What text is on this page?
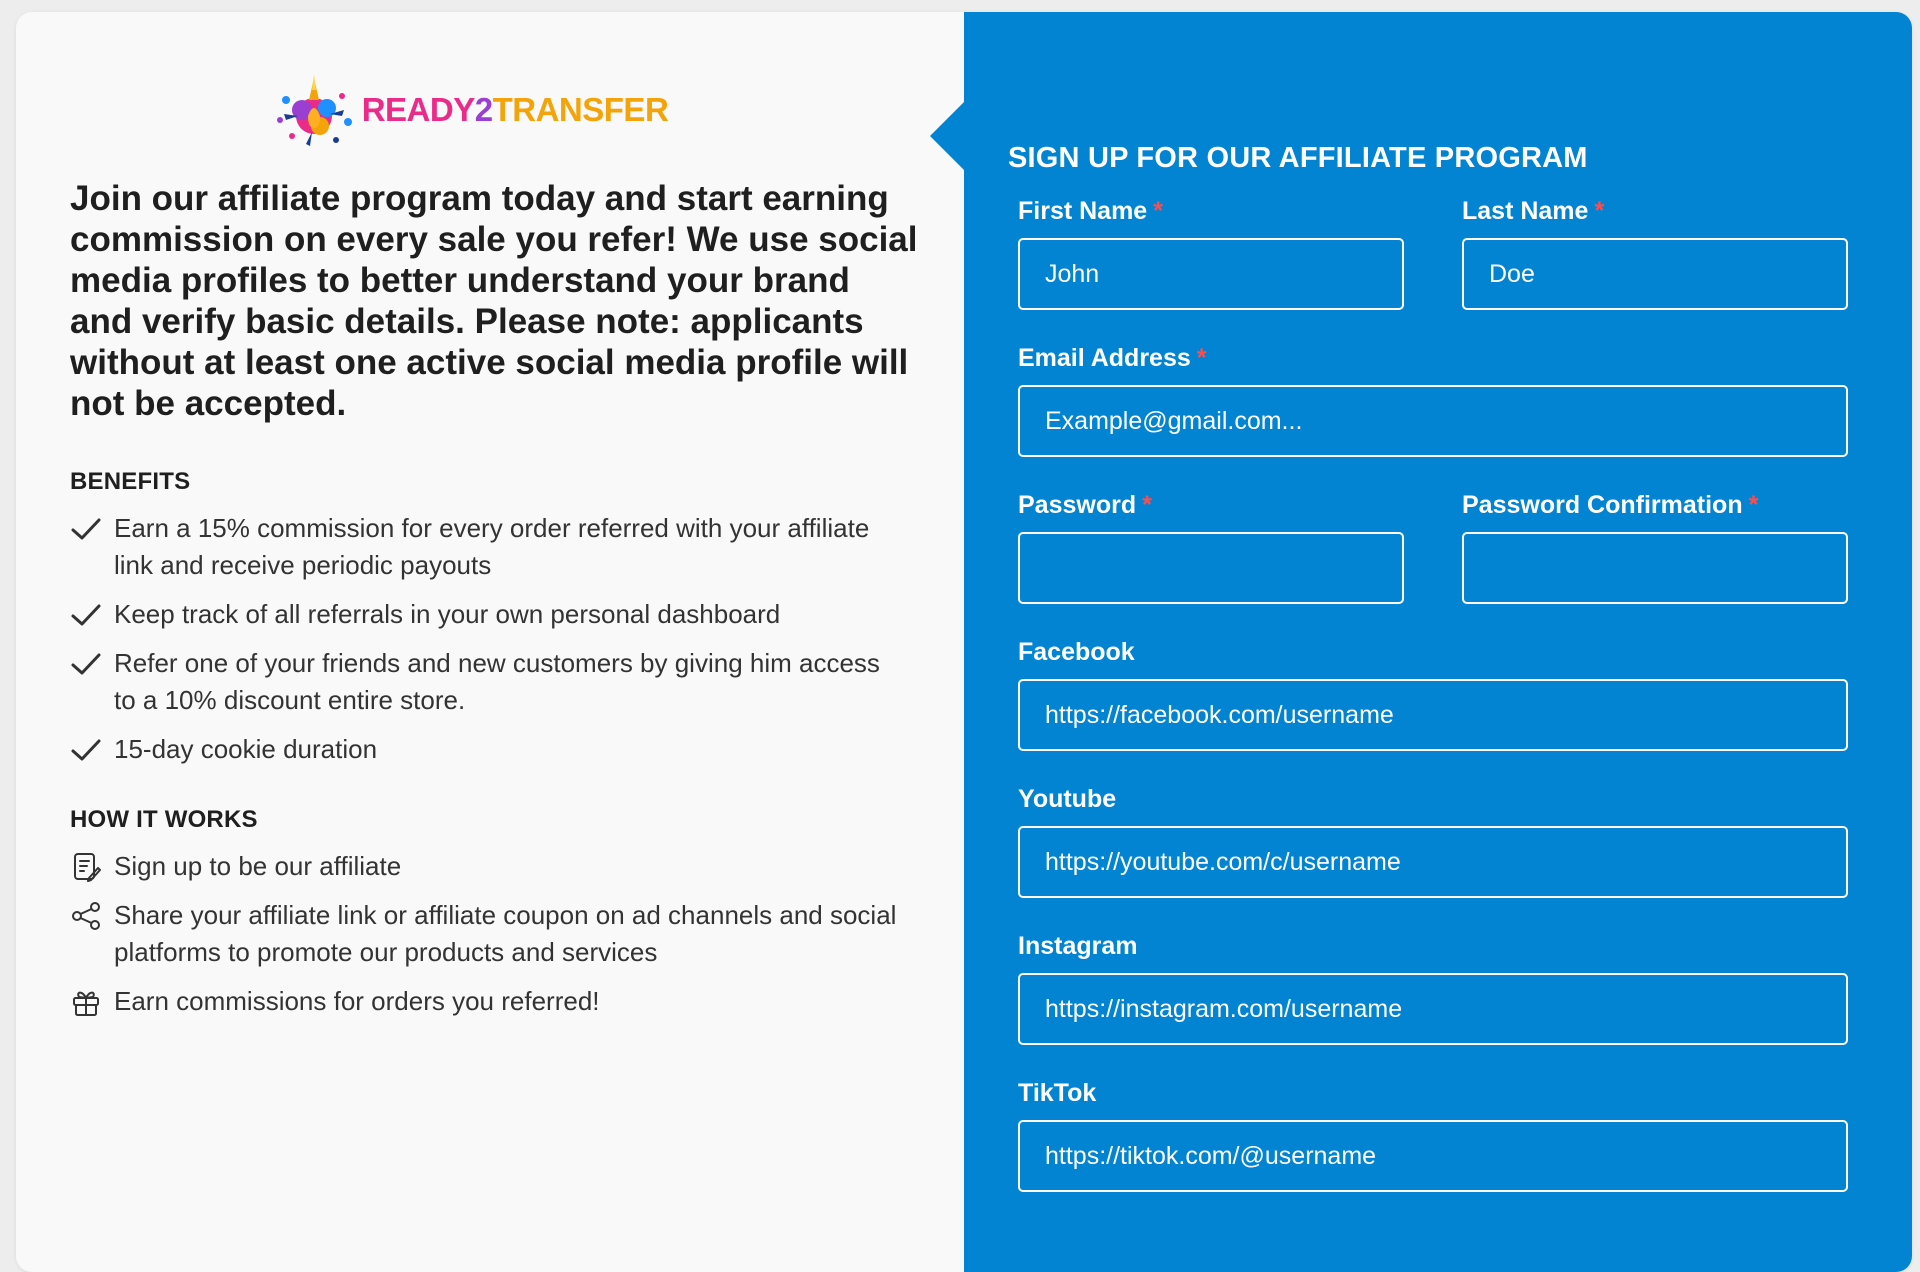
READY2TRANSFER

Join our affiliate program today and start earning commission on every sale you refer! We use social media profiles to better understand your brand and verify basic details. Please note: applicants without at least one active social media profile will not be accepted.

BENEFITS
Earn a 15% commission for every order referred with your affiliate link and receive periodic payouts
Keep track of all referrals in your own personal dashboard
Refer one of your friends and new customers by giving him access to a 10% discount entire store.
15-day cookie duration
HOW IT WORKS
Sign up to be our affiliate
Share your affiliate link or affiliate coupon on ad channels and social platforms to promote our products and services
Earn commissions for orders you referred!
SIGN UP FOR OUR AFFILIATE PROGRAM
First Name *
John	Last Name *
Doe
Email Address *
Example@gmail.com...
Password *	Password Confirmation *
Facebook
https://facebook.com/username
Youtube
https://youtube.com/c/username
Instagram
https://instagram.com/username
TikTok
https://tiktok.com/@username
